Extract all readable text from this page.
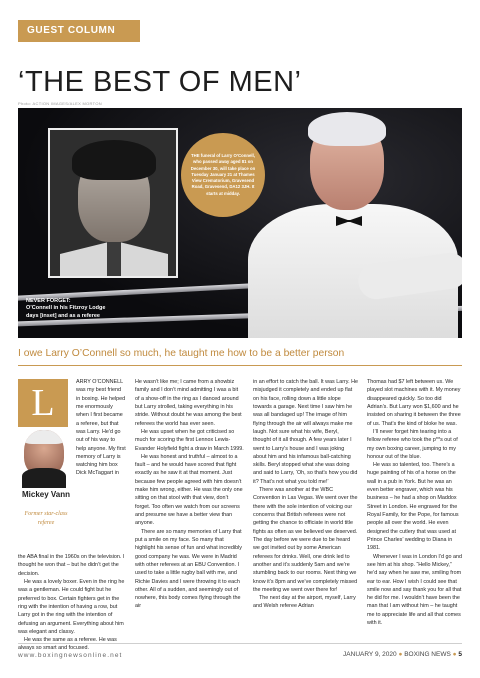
GUEST COLUMN
‘THE BEST OF MEN’
Photo: ACTION IMAGES/ALEX MORTON
THE funeral of Larry O’Connell, who passed away aged 81 on December 30, will take place on Tuesday January 21 at Thames View Crematorium, Gravesend Road, Gravesend, DA12 3JH. It starts at midday.
NEVER FORGET:
O’Connell in his Fitzroy Lodge days [inset] and as a referee
I owe Larry O’Connell so much, he taught me how to be a better person
L
Mickey Vann
Former star-class referee

ARRY O’CONNELL was my best friend in boxing. He helped me enormously when I first became a referee, but that was Larry. He’d go out of his way to help anyone. My first memory of Larry is watching him box Dick McTaggart in

the ABA final in the 1960s on the television. I thought he won that – but he didn’t get the decision.

He was a lovely boxer. Even in the ring he was a gentleman. He could fight but he preferred to box. Certain fighters get in the ring with the intention of having a row, but Larry got in the ring with the intention of defusing an argument. Everything about him was elegant and classy.

He was the same as a referee. He was always so smart and focused.

He wasn’t like me; I came from a showbiz family and I don’t mind admitting I was a bit of a show-off in the ring as I danced around but Larry strolled, taking everything in his stride. Without doubt he was among the best referees the world has ever seen.

He was upset when he got criticised so much for scoring the first Lennox Lewis-Evander Holyfield fight a draw in March 1999.

He was honest and truthful – almost to a fault – and he would have scored that fight exactly as he saw it at that moment. Just because few people agreed with him doesn’t make him wrong, either. He was the only one sitting on that stool with that view, don’t forget. Too often we watch from our screens and presume we have a better view than anyone.

There are so many memories of Larry that put a smile on my face. So many that highlight his sense of fun and what incredibly good company he was. We were in Madrid with other referees at an EBU Convention. I used to take a little rugby ball with me, and Richie Davies and I were throwing it to each other. All of a sudden, and seemingly out of nowhere, this body comes flying through the air

in an effort to catch the ball. It was Larry. He misjudged it completely and ended up flat on his face, rolling down a little slope towards a garage. Next time I saw him he was all bandaged up! The image of him flying through the air will always make me laugh. Not sure what his wife, Beryl, thought of it all though. A few years later I went to Larry’s house and I was joking about him and his infamous ball-catching skills. Beryl stopped what she was doing and said to Larry, ‘Oh, so that’s how you did it? That’s not what you told me!’

There was another at the WBC Convention in Las Vegas. We went over the there with the sole intention of voicing our concerns that British referees were not getting the chance to officiate in world title fights as often as we believed we deserved. The day before we were due to be heard we got invited out by some American referees for drinks. Well, one drink led to another and it’s suddenly 5am and we’re stumbling back to our rooms. Next thing we know it’s 8pm and we’ve completely missed the meeting we went over there for!

The next day at the airport, myself, Larry and Welsh referee Adrian

Thomas had $7 left between us. We played slot machines with it. My money disappeared quickly. So too did Adrian’s. But Larry won $1,600 and he insisted on sharing it between the three of us. That’s the kind of bloke he was.

I’ll never forget him tearing into a fellow referee who took the p**s out of my own boxing career, jumping to my honour out of the blue.

He was so talented, too. There’s a huge painting of his of a horse on the wall in a pub in York. But he was an even better engraver, which was his business – he had a shop on Maddox Street in London. He engraved for the Royal Family, for the Pope, for famous people all over the world. He even designed the cutlery that was used at Prince Charles’ wedding to Diana in 1981.

Whenever I was in London I’d go and see him at his shop. “Hello Mickey,” he’d say when he saw me, smiling from ear to ear. How I wish I could see that smile now and say thank you for all that he did for me. I wouldn’t have been the man that I am without him – he taught me to appreciate life and all that comes with it.

www.boxingnewsonline.net	JANUARY 9, 2020 ● BOXING NEWS ● 5
